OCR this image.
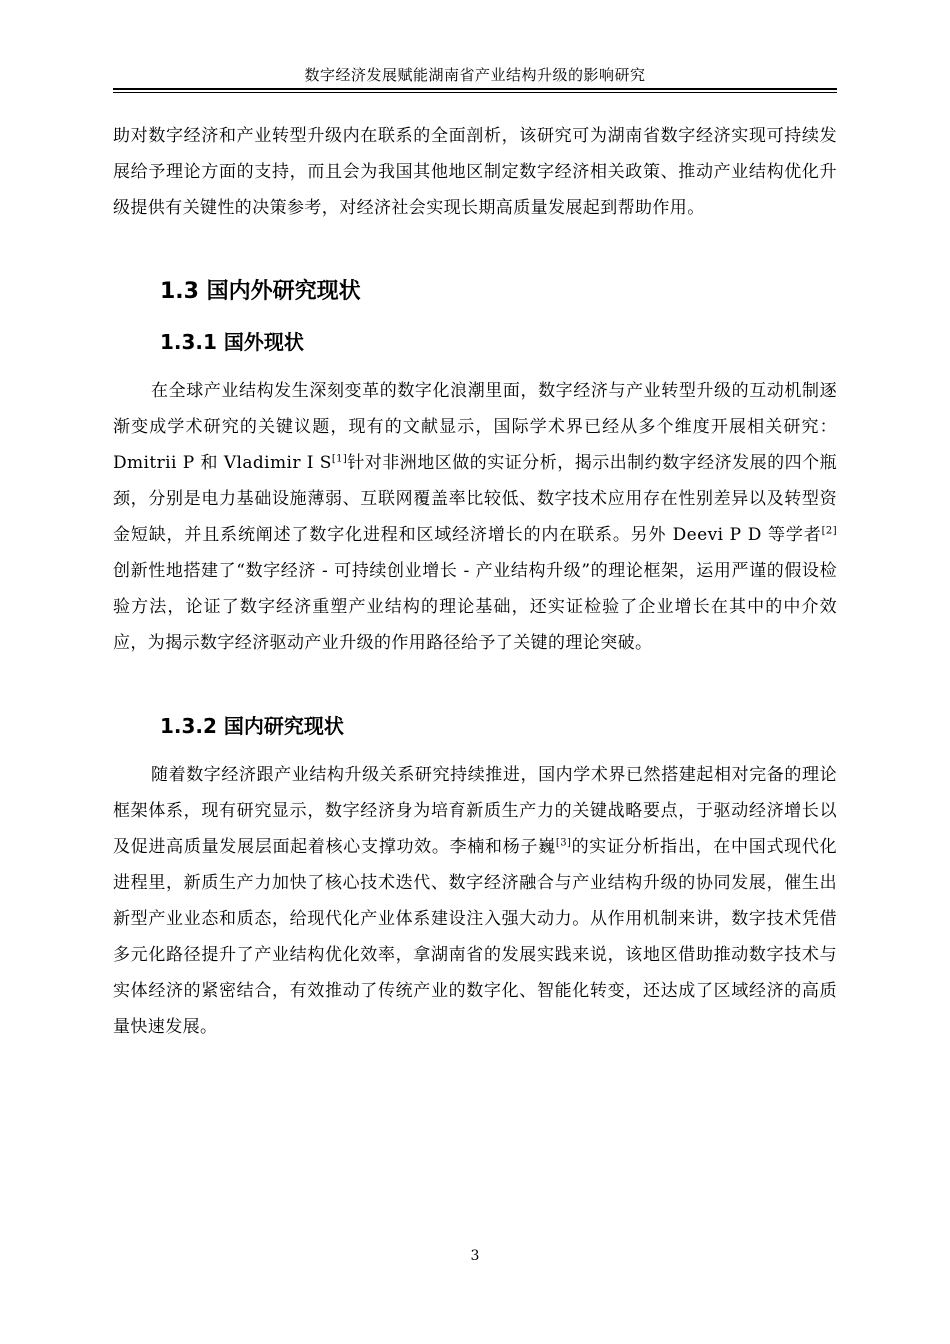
数字经济发展赋能湖南省产业结构升级的影响研究

助对数字经济和产业转型升级内在联系的全面剖析，该研究可为湖南省数字经济实现可持续发展给予理论方面的支持，而且会为我国其他地区制定数字经济相关政策、推动产业结构优化升级提供有关键性的决策参考，对经济社会实现长期高质量发展起到帮助作用。

1.3 国内外研究现状
1.3.1 国外现状

在全球产业结构发生深刻变革的数字化浪潮里面，数字经济与产业转型升级的互动机制逐渐变成学术研究的关键议题，现有的文献显示，国际学术界已经从多个维度开展相关研究：Dmitrii P 和 Vladimir I S[1]针对非洲地区做的实证分析，揭示出制约数字经济发展的四个瓶颈，分别是电力基础设施薄弱、互联网覆盖率比较低、数字技术应用存在性别差异以及转型资金短缺，并且系统阐述了数字化进程和区域经济增长的内在联系。另外 Deevi P D 等学者[2]创新性地搭建了“数字经济 - 可持续创业增长 - 产业结构升级”的理论框架，运用严谨的假设检验方法，论证了数字经济重塑产业结构的理论基础，还实证检验了企业增长在其中的中介效应，为揭示数字经济驱动产业升级的作用路径给予了关键的理论突破。

1.3.2 国内研究现状

随着数字经济跟产业结构升级关系研究持续推进，国内学术界已然搭建起相对完备的理论框架体系，现有研究显示，数字经济身为培育新质生产力的关键战略要点，于驱动经济增长以及促进高质量发展层面起着核心支撑功效。李楠和杨子巍[3]的实证分析指出，在中国式现代化进程里，新质生产力加快了核心技术迭代、数字经济融合与产业结构升级的协同发展，催生出新型产业业态和质态，给现代化产业体系建设注入强大动力。从作用机制来讲，数字技术凭借多元化路径提升了产业结构优化效率，拿湖南省的发展实践来说，该地区借助推动数字技术与实体经济的紧密结合，有效推动了传统产业的数字化、智能化转变，还达成了区域经济的高质量快速发展。

3
